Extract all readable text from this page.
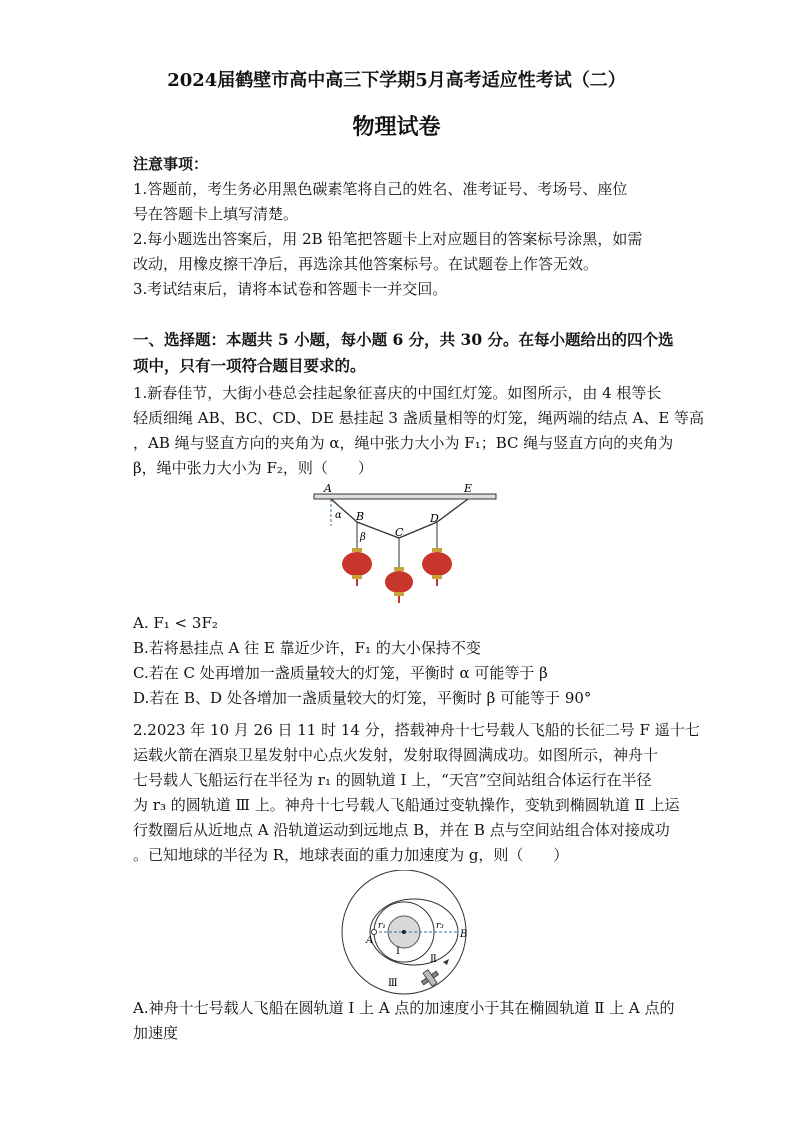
2024届鹤壁市高中高三下学期5月高考适应性考试（二）
物理试卷
注意事项：
1.答题前，考生务必用黑色碳素笔将自己的姓名、准考证号、考场号、座位
号在答题卡上填写清楚。
2.每小题选出答案后，用 2B 铅笔把答题卡上对应题目的答案标号涂黑，如需
改动，用橡皮擦干净后，再选涂其他答案标号。在试题卷上作答无效。
3.考试结束后，请将本试卷和答题卡一并交回。
一、选择题：本题共 5 小题，每小题 6 分，共 30 分。在每小题给出的四个选
项中，只有一项符合题目要求的。
1.新春佳节，大街小巷总会挂起象征喜庆的中国红灯笼。如图所示，由 4 根等长
轻质细绳 AB、BC、CD、DE 悬挂起 3 盏质量相等的灯笼，绳两端的结点 A、E 等高
，AB 绳与竖直方向的夹角为 α，绳中张力大小为 F₁；BC 绳与竖直方向的夹角为
β，绳中张力大小为 F₂，则（　　）
A	E
B
C
D
α
β
A. F₁ < 3F₂
B.若将悬挂点 A 往 E 靠近少许，F₁ 的大小保持不变
C.若在 C 处再增加一盏质量较大的灯笼，平衡时 α 可能等于 β
D.若在 B、D 处各增加一盏质量较大的灯笼，平衡时 β 可能等于 90°
2.2023 年 10 月 26 日 11 时 14 分，搭载神舟十七号载人飞船的长征二号 F 遥十七
运载火箭在酒泉卫星发射中心点火发射，发射取得圆满成功。如图所示，神舟十
七号载人飞船运行在半径为 r₁ 的圆轨道 Ⅰ 上，“天宫”空间站组合体运行在半径
为 r₃ 的圆轨道 Ⅲ 上。神舟十七号载人飞船通过变轨操作，变轨到椭圆轨道 Ⅱ 上运
行数圈后从近地点 A 沿轨道运动到远地点 B，并在 B 点与空间站组合体对接成功
。已知地球的半径为 R，地球表面的重力加速度为 g，则（　　）
r₁	r₃
A
B
Ⅰ
Ⅱ
Ⅲ
A.神舟十七号载人飞船在圆轨道 Ⅰ 上 A 点的加速度小于其在椭圆轨道 Ⅱ 上 A 点的
加速度
